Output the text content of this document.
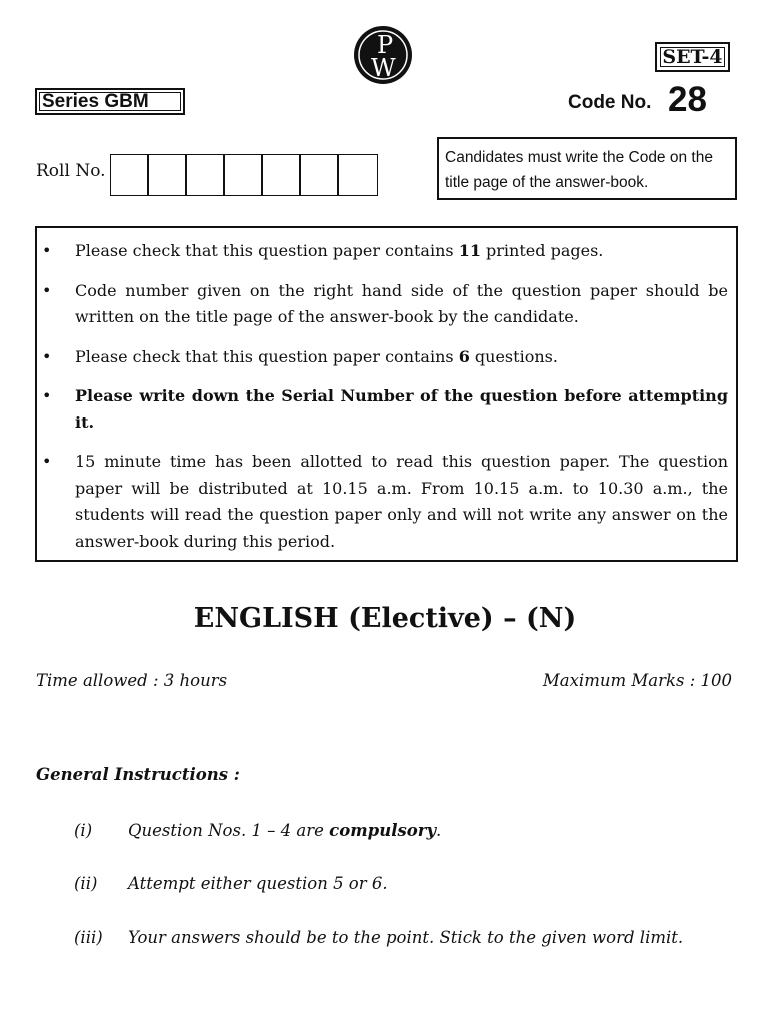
P
W	SET-4
Series GBM	Code No. 28
Roll No.
Candidates must write the Code on the title page of the answer-book.
• Please check that this question paper contains 11 printed pages.
• Code number given on the right hand side of the question paper should be written on the title page of the answer-book by the candidate.
• Please check that this question paper contains 6 questions.
• Please write down the Serial Number of the question before attempting it.
• 15 minute time has been allotted to read this question paper. The question paper will be distributed at 10.15 a.m. From 10.15 a.m. to 10.30 a.m., the students will read the question paper only and will not write any answer on the answer-book during this period.
ENGLISH (Elective) – (N)
Time allowed : 3 hours	Maximum Marks : 100
General Instructions :
(i) Question Nos. 1 – 4 are compulsory.
(ii) Attempt either question 5 or 6.
(iii) Your answers should be to the point. Stick to the given word limit.
